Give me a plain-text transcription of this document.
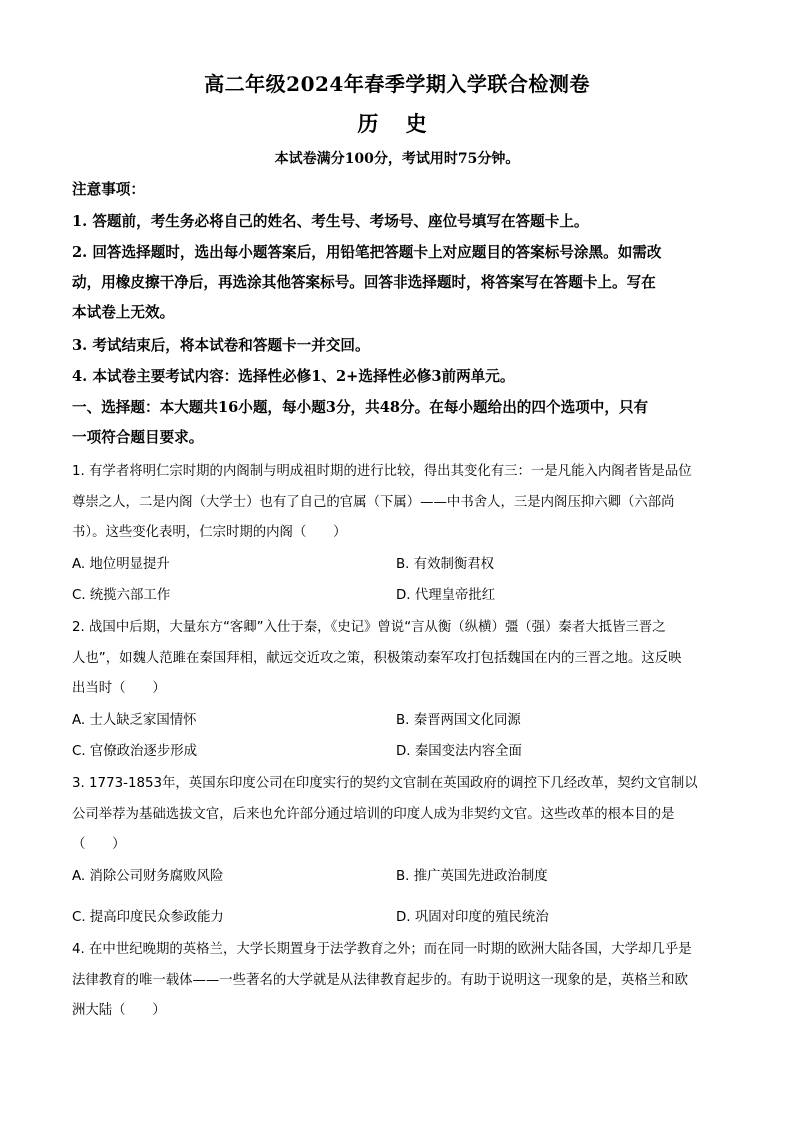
高二年级2024年春季学期入学联合检测卷
历 史
本试卷满分100分，考试用时75分钟。
注意事项：
1. 答题前，考生务必将自己的姓名、考生号、考场号、座位号填写在答题卡上。
2. 回答选择题时，选出每小题答案后，用铅笔把答题卡上对应题目的答案标号涂黑。如需改
动，用橡皮擦干净后，再选涂其他答案标号。回答非选择题时，将答案写在答题卡上。写在
本试卷上无效。
3. 考试结束后，将本试卷和答题卡一并交回。
4. 本试卷主要考试内容：选择性必修1、2+选择性必修3前两单元。
一、选择题：本大题共16小题，每小题3分，共48分。在每小题给出的四个选项中，只有
一项符合题目要求。
1. 有学者将明仁宗时期的内阁制与明成祖时期的进行比较，得出其变化有三：一是凡能入内阁者皆是品位
尊崇之人，二是内阁（大学士）也有了自己的官属（下属）——中书舍人，三是内阁压抑六卿（六部尚
书）。这些变化表明，仁宗时期的内阁（　　）
A. 地位明显提升	B. 有效制衡君权
C. 统揽六部工作	D. 代理皇帝批红
2. 战国中后期，大量东方“客卿”入仕于秦，《史记》曾说“言从衡（纵横）彊（强）秦者大抵皆三晋之
人也”，如魏人范雎在秦国拜相，献远交近攻之策，积极策动秦军攻打包括魏国在内的三晋之地。这反映
出当时（　　）
A. 士人缺乏家国情怀	B. 秦晋两国文化同源
C. 官僚政治逐步形成	D. 秦国变法内容全面
3. 1773-1853年，英国东印度公司在印度实行的契约文官制在英国政府的调控下几经改革，契约文官制以
公司举荐为基础选拔文官，后来也允许部分通过培训的印度人成为非契约文官。这些改革的根本目的是
（　　）
A. 消除公司财务腐败风险	B. 推广英国先进政治制度
C. 提高印度民众参政能力	D. 巩固对印度的殖民统治
4. 在中世纪晚期的英格兰，大学长期置身于法学教育之外；而在同一时期的欧洲大陆各国，大学却几乎是
法律教育的唯一载体——一些著名的大学就是从法律教育起步的。有助于说明这一现象的是，英格兰和欧
洲大陆（　　）
